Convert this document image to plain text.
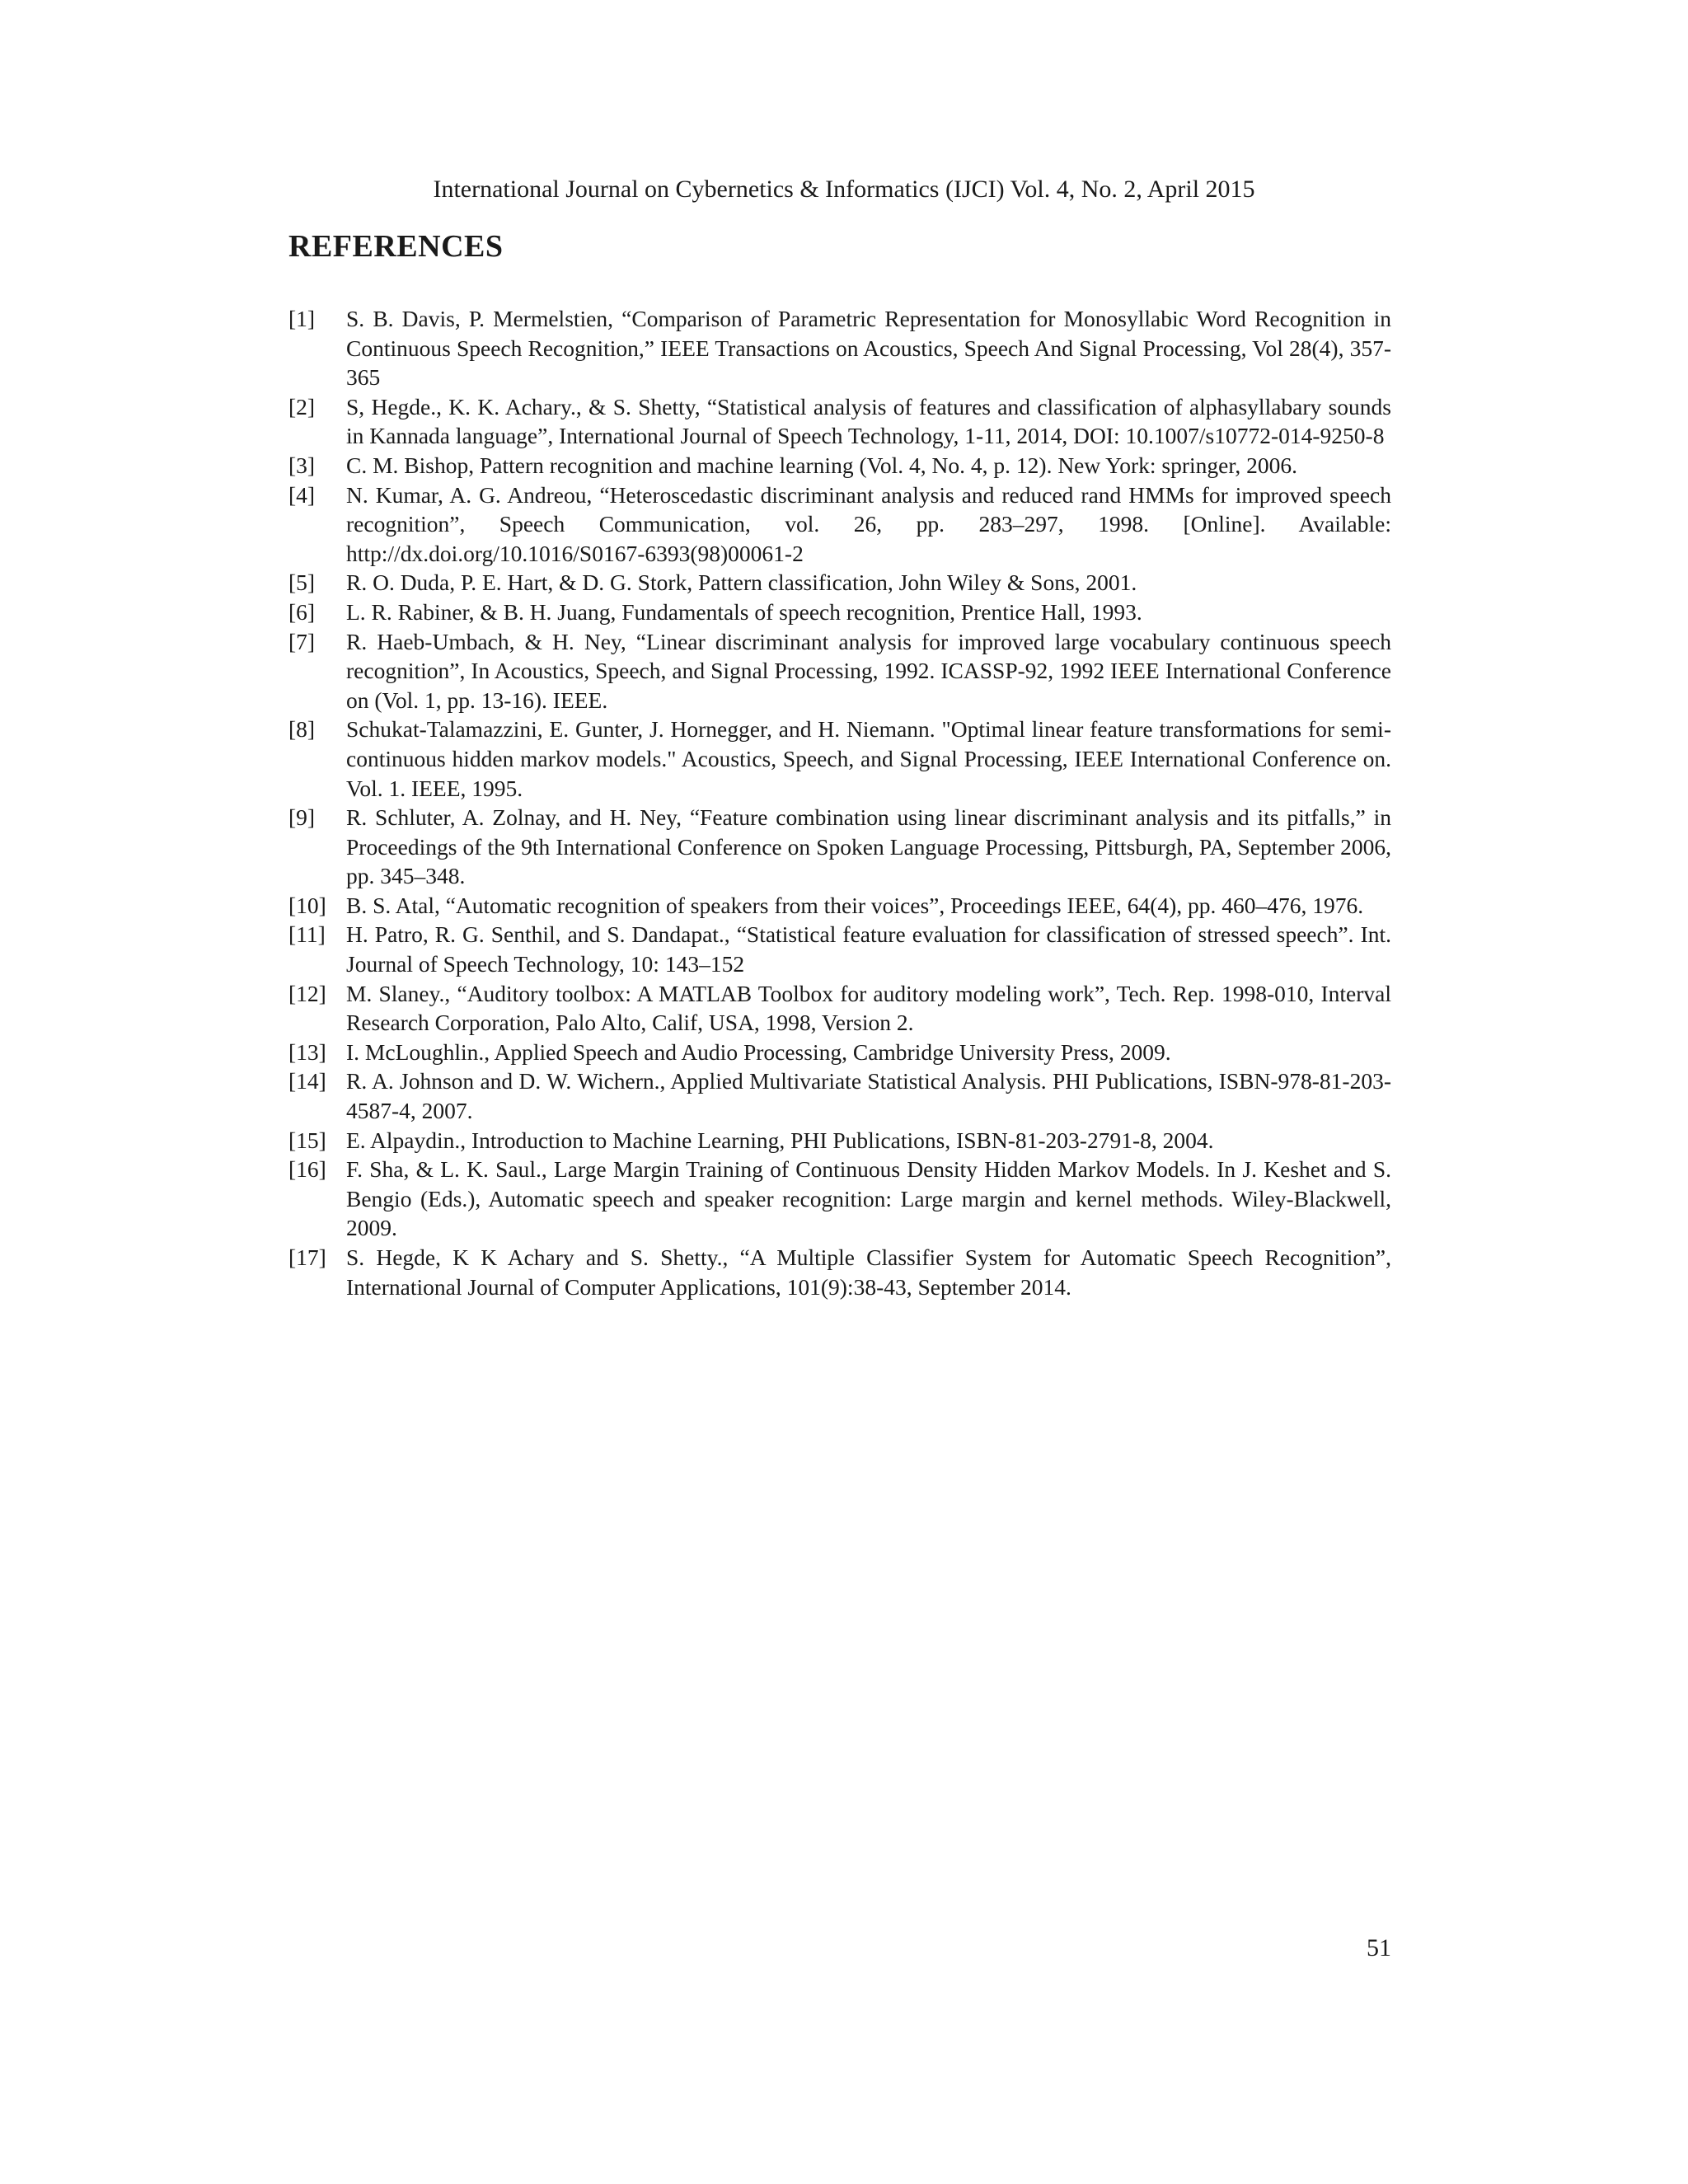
International Journal on Cybernetics & Informatics (IJCI) Vol. 4, No. 2, April 2015
REFERENCES
[1]	S. B. Davis, P. Mermelstien, “Comparison of Parametric Representation for Monosyllabic Word Recognition in Continuous Speech Recognition,” IEEE Transactions on Acoustics, Speech And Signal Processing, Vol 28(4), 357-365
[2]	S, Hegde., K. K. Achary., & S. Shetty, “Statistical analysis of features and classification of alphasyllabary sounds in Kannada language”, International Journal of Speech Technology, 1-11, 2014, DOI: 10.1007/s10772-014-9250-8
[3]	C. M. Bishop, Pattern recognition and machine learning (Vol. 4, No. 4, p. 12). New York: springer, 2006.
[4]	N. Kumar, A. G. Andreou, “Heteroscedastic discriminant analysis and reduced rand HMMs for improved speech recognition”, Speech Communication, vol. 26, pp. 283–297, 1998. [Online]. Available: http://dx.doi.org/10.1016/S0167-6393(98)00061-2
[5]	R. O. Duda, P. E. Hart, & D. G. Stork, Pattern classification, John Wiley & Sons, 2001.
[6]	L. R. Rabiner, & B. H. Juang, Fundamentals of speech recognition, Prentice Hall, 1993.
[7]	R. Haeb-Umbach, & H. Ney, “Linear discriminant analysis for improved large vocabulary continuous speech recognition”, In Acoustics, Speech, and Signal Processing, 1992. ICASSP-92, 1992 IEEE International Conference on (Vol. 1, pp. 13-16). IEEE.
[8]	Schukat-Talamazzini, E. Gunter, J. Hornegger, and H. Niemann. "Optimal linear feature transformations for semi-continuous hidden markov models." Acoustics, Speech, and Signal Processing, IEEE International Conference on. Vol. 1. IEEE, 1995.
[9]	R. Schluter, A. Zolnay, and H. Ney, “Feature combination using linear discriminant analysis and its pitfalls,” in Proceedings of the 9th International Conference on Spoken Language Processing, Pittsburgh, PA, September 2006, pp. 345–348.
[10] B. S. Atal, “Automatic recognition of speakers from their voices”, Proceedings IEEE, 64(4), pp. 460–476, 1976.
[11] H. Patro, R. G. Senthil, and S. Dandapat., “Statistical feature evaluation for classification of stressed speech”. Int. Journal of Speech Technology, 10: 143–152
[12] M. Slaney., “Auditory toolbox: A MATLAB Toolbox for auditory modeling work”, Tech. Rep. 1998-010, Interval Research Corporation, Palo Alto, Calif, USA, 1998, Version 2.
[13] I. McLoughlin., Applied Speech and Audio Processing, Cambridge University Press, 2009.
[14] R. A. Johnson and D. W. Wichern., Applied Multivariate Statistical Analysis. PHI Publications, ISBN-978-81-203-4587-4, 2007.
[15] E. Alpaydin., Introduction to Machine Learning, PHI Publications, ISBN-81-203-2791-8, 2004.
[16] F. Sha, & L. K. Saul., Large Margin Training of Continuous Density Hidden Markov Models. In J. Keshet and S. Bengio (Eds.), Automatic speech and speaker recognition: Large margin and kernel methods. Wiley-Blackwell, 2009.
[17] S. Hegde, K K Achary and S. Shetty., “A Multiple Classifier System for Automatic Speech Recognition”, International Journal of Computer Applications, 101(9):38-43, September 2014.
51
